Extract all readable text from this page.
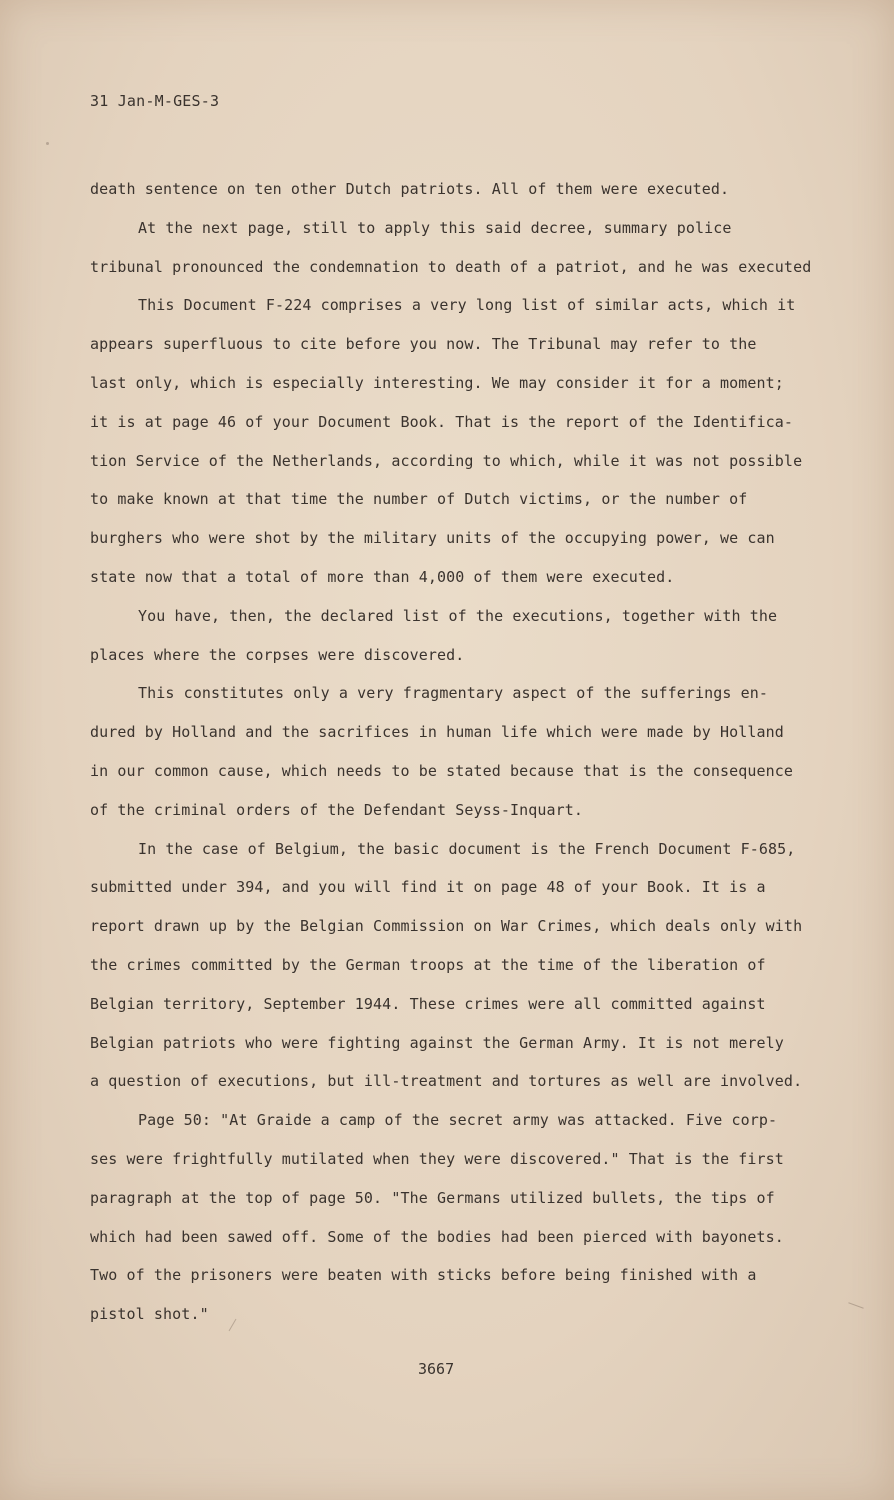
31 Jan-M-GES-3
death sentence on ten other Dutch patriots. All of them were executed.
At the next page, still to apply this said decree, summary police
tribunal pronounced the condemnation to death of a patriot, and he was executed
This Document F-224 comprises a very long list of similar acts, which it
appears superfluous to cite before you now. The Tribunal may refer to the
last only, which is especially interesting. We may consider it for a moment;
it is at page 46 of your Document Book. That is the report of the Identifica-
tion Service of the Netherlands, according to which, while it was not possible
to make known at that time the number of Dutch victims, or the number of
burghers who were shot by the military units of the occupying power, we can
state now that a total of more than 4,000 of them were executed.
You have, then, the declared list of the executions, together with the
places where the corpses were discovered.
This constitutes only a very fragmentary aspect of the sufferings en-
dured by Holland and the sacrifices in human life which were made by Holland
in our common cause, which needs to be stated because that is the consequence
of the criminal orders of the Defendant Seyss-Inquart.
In the case of Belgium, the basic document is the French Document F-685,
submitted under 394, and you will find it on page 48 of your Book. It is a
report drawn up by the Belgian Commission on War Crimes, which deals only with
the crimes committed by the German troops at the time of the liberation of
Belgian territory, September 1944. These crimes were all committed against
Belgian patriots who were fighting against the German Army. It is not merely
a question of executions, but ill-treatment and tortures as well are involved.
Page 50: "At Graide a camp of the secret army was attacked. Five corp-
ses were frightfully mutilated when they were discovered." That is the first
paragraph at the top of page 50. "The Germans utilized bullets, the tips of
which had been sawed off. Some of the bodies had been pierced with bayonets.
Two of the prisoners were beaten with sticks before being finished with a
pistol shot."
3667
